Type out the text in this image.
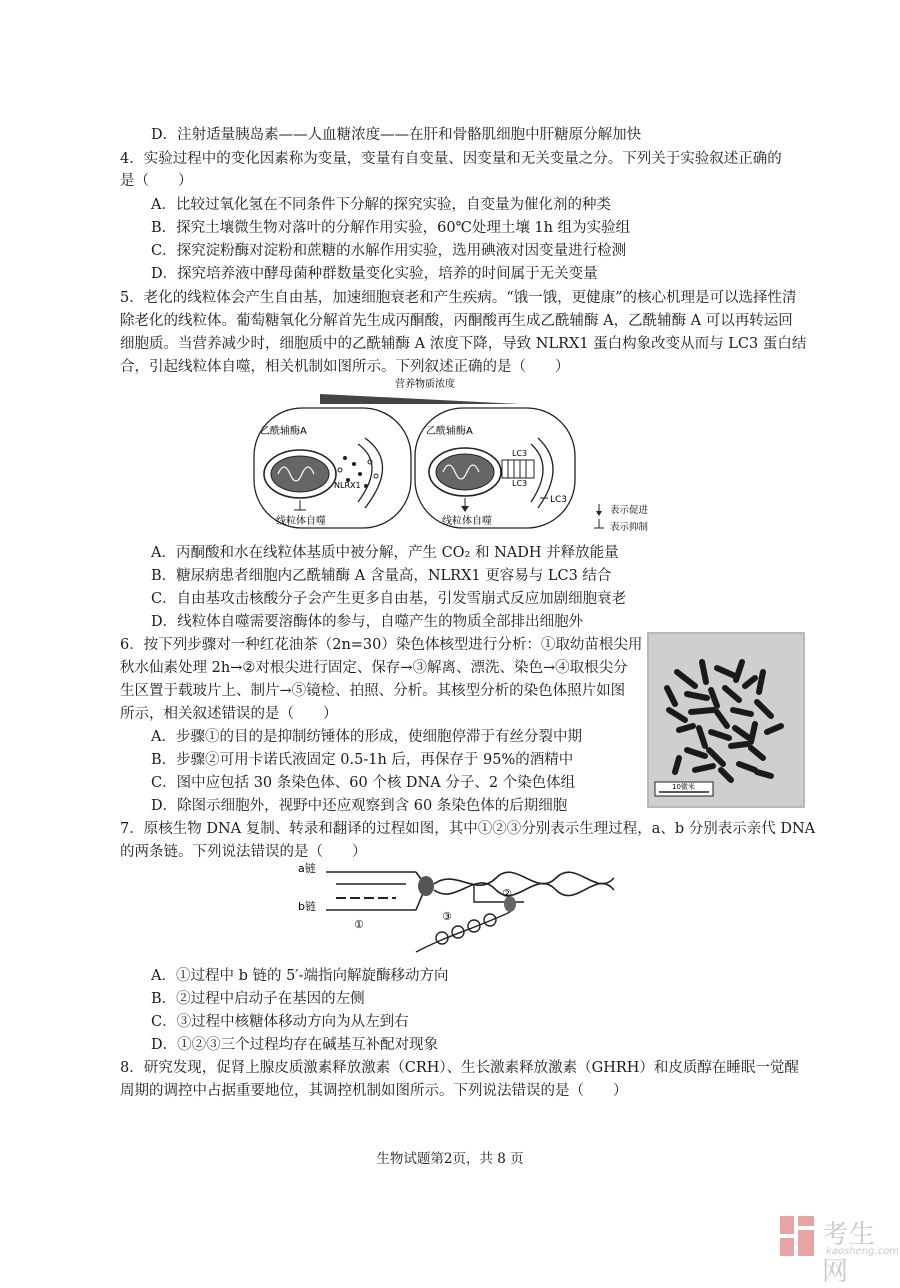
D．注射适量胰岛素——人血糖浓度——在肝和骨骼肌细胞中肝糖原分解加快
4．实验过程中的变化因素称为变量，变量有自变量、因变量和无关变量之分。下列关于实验叙述正确的
是（　　）
A．比较过氧化氢在不同条件下分解的探究实验，自变量为催化剂的种类
B．探究土壤微生物对落叶的分解作用实验，60℃处理土壤 1h 组为实验组
C．探究淀粉酶对淀粉和蔗糖的水解作用实验，选用碘液对因变量进行检测
D．探究培养液中酵母菌种群数量变化实验，培养的时间属于无关变量
5．老化的线粒体会产生自由基，加速细胞衰老和产生疾病。“饿一饿，更健康”的核心机理是可以选择性清
除老化的线粒体。葡萄糖氧化分解首先生成丙酮酸，丙酮酸再生成乙酰辅酶 A，乙酰辅酶 A 可以再转运回
细胞质。当营养减少时，细胞质中的乙酰辅酶 A 浓度下降，导致 NLRX1 蛋白构象改变从而与 LC3 蛋白结
合，引起线粒体自噬，相关机制如图所示。下列叙述正确的是（　　）
营养物质浓度
乙酰辅酶A
NLRX1
线粒体自噬
乙酰辅酶A
LC3
LC3
线粒体自噬
LC3
表示促进
表示抑制
A．丙酮酸和水在线粒体基质中被分解，产生 CO₂ 和 NADH 并释放能量
B．糖尿病患者细胞内乙酰辅酶 A 含量高，NLRX1 更容易与 LC3 结合
C．自由基攻击核酸分子会产生更多自由基，引发雪崩式反应加剧细胞衰老
D．线粒体自噬需要溶酶体的参与，自噬产生的物质全部排出细胞外
6．按下列步骤对一种红花油茶（2n=30）染色体核型进行分析：①取幼苗根尖用
秋水仙素处理 2h→②对根尖进行固定、保存→③解离、漂洗、染色→④取根尖分
生区置于载玻片上、制片→⑤镜检、拍照、分析。其核型分析的染色体照片如图
所示，相关叙述错误的是（　　）
A．步骤①的目的是抑制纺锤体的形成，使细胞停滞于有丝分裂中期
B．步骤②可用卡诺氏液固定 0.5-1h 后，再保存于 95%的酒精中
C．图中应包括 30 条染色体、60 个核 DNA 分子、2 个染色体组
D．除图示细胞外，视野中还应观察到含 60 条染色体的后期细胞
10微米
7．原核生物 DNA 复制、转录和翻译的过程如图，其中①②③分别表示生理过程，a、b 分别表示亲代 DNA
的两条链。下列说法错误的是（　　）
a链
b链
②
①
③
A．①过程中 b 链的 5′-端指向解旋酶移动方向
B．②过程中启动子在基因的左侧
C．③过程中核糖体移动方向为从左到右
D．①②③三个过程均存在碱基互补配对现象
8．研究发现，促肾上腺皮质激素释放激素（CRH）、生长激素释放激素（GHRH）和皮质醇在睡眠一觉醒
周期的调控中占据重要地位，其调控机制如图所示。下列说法错误的是（　　）
生物试题第2页，共 8 页
考生网
kaosheng.com
